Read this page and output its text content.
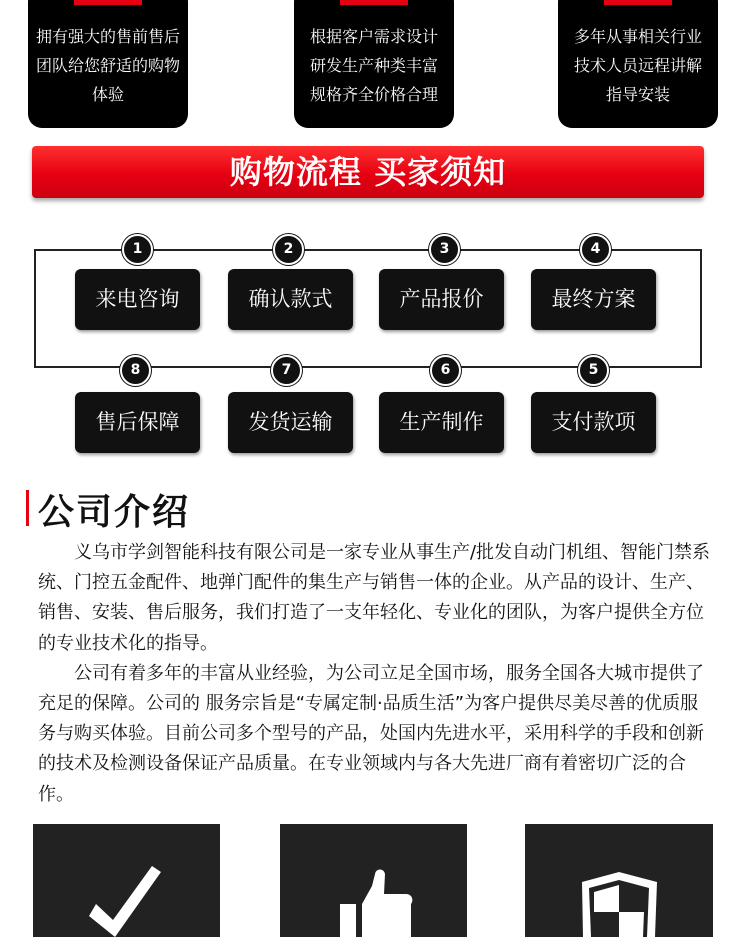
拥有强大的售前售后
团队给您舒适的购物
体验
根据客户需求设计
研发生产种类丰富
规格齐全价格合理
多年从事相关行业
技术人员远程讲解
指导安装
购物流程 买家须知
来电咨询
1
确认款式
2
产品报价
3
最终方案
4
售后保障
8
发货运输
7
生产制作
6
支付款项
5
公司介绍

义乌市学剑智能科技有限公司是一家专业从事生产/批发自动门机组、智能门禁系统、门控五金配件、地弹门配件的集生产与销售一体的企业。从产品的设计、生产、销售、安装、售后服务，我们打造了一支年轻化、专业化的团队，为客户提供全方位的专业技术化的指导。

公司有着多年的丰富从业经验，为公司立足全国市场，服务全国各大城市提供了充足的保障。公司的 服务宗旨是“专属定制·品质生活”为客户提供尽美尽善的优质服务与购买体验。目前公司多个型号的产品，处国内先进水平，采用科学的手段和创新的技术及检测设备保证产品质量。在专业领域内与各大先进厂商有着密切广泛的合作。
